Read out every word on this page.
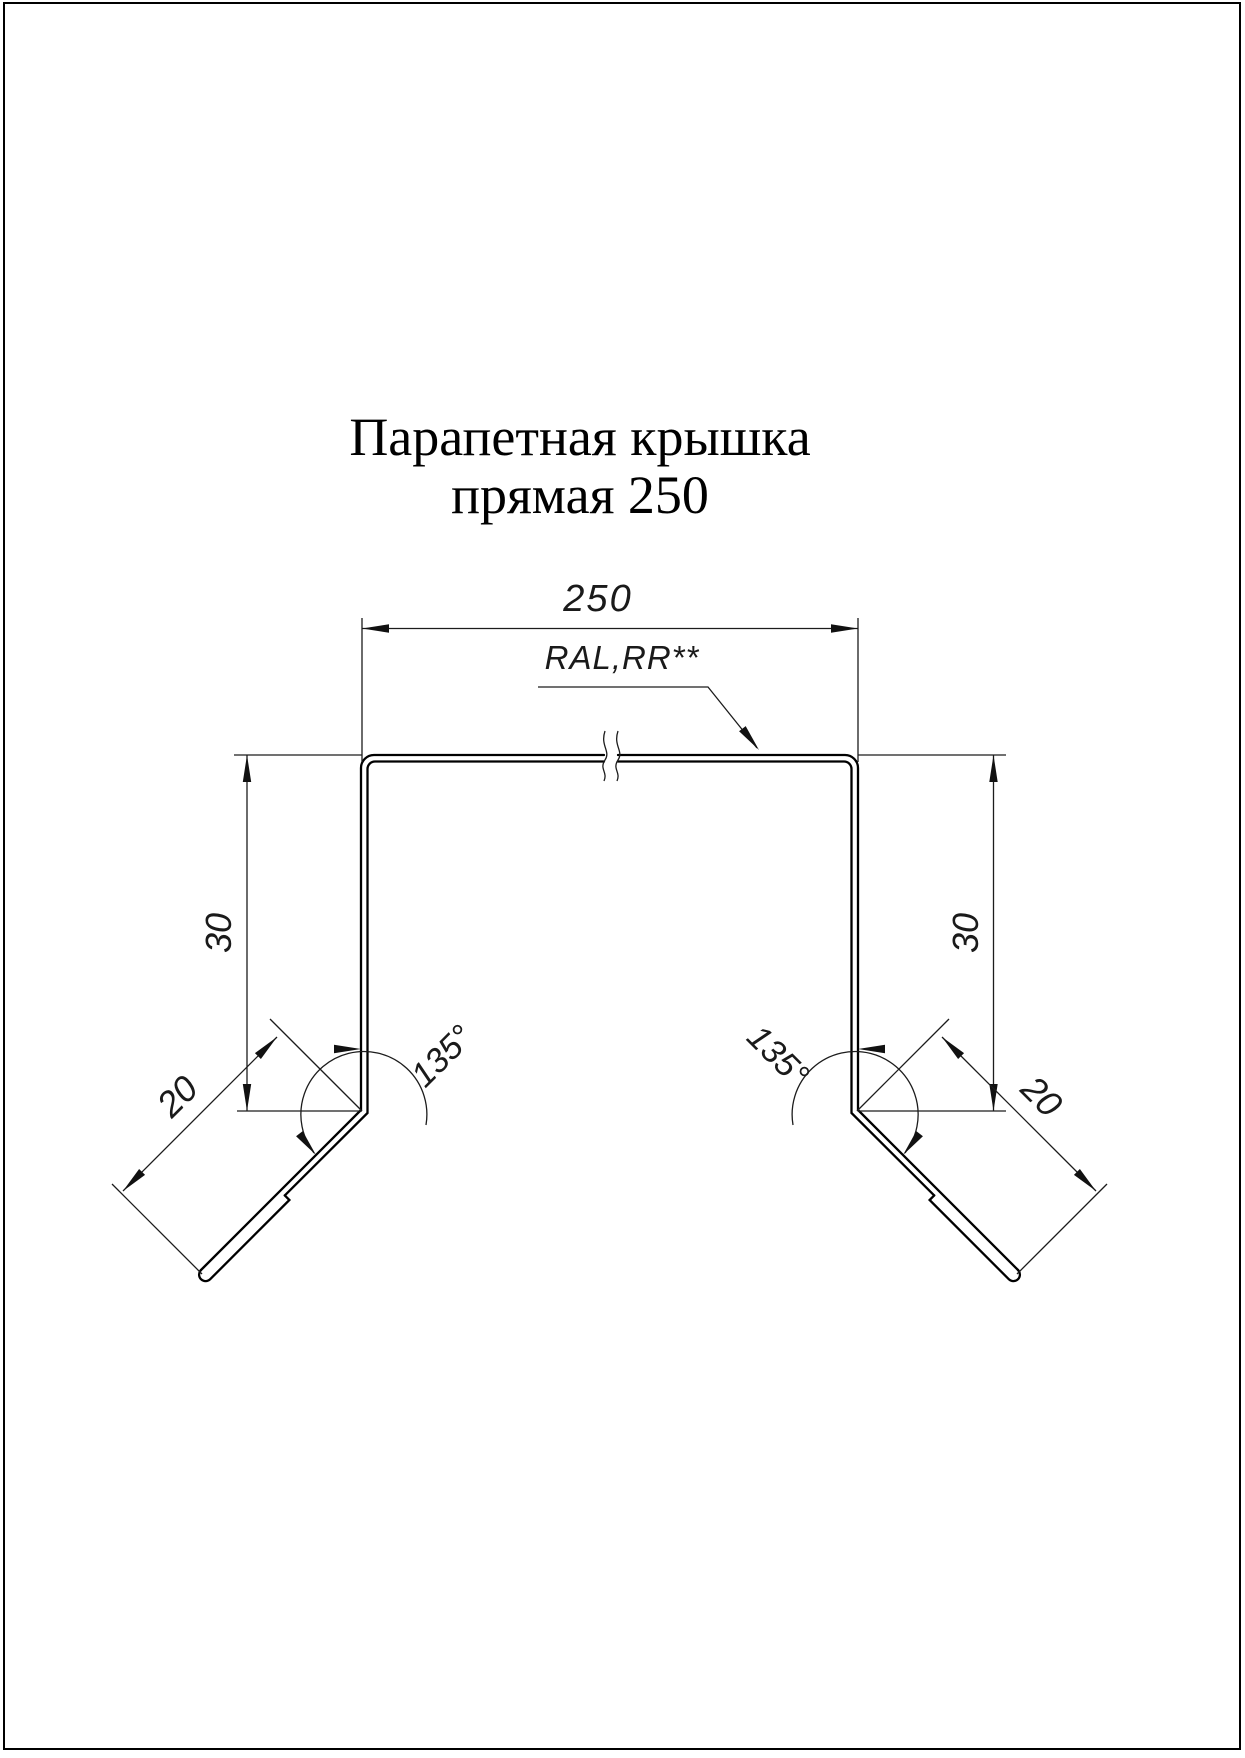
Парапетная крышка
прямая 250
250
RAL,RR**
30	30
20	20
135°	135°
